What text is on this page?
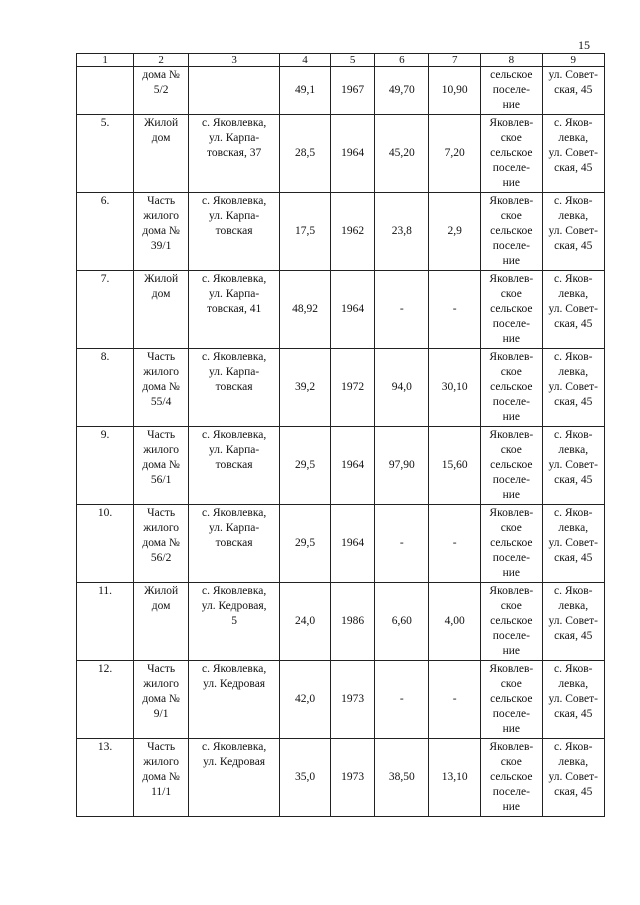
15
1	2	3	4	5	6	7	8	9
	дома №
5/2		49,1	1967	49,70	10,90	сельское
поселе-
ние	ул. Совет-
ская, 45
5.	Жилой
дом	с. Яковлевка,
ул. Карпа-
товская, 37	28,5	1964	45,20	7,20	Яковлев-
ское
сельское
поселе-
ние	с. Яков-
левка,
ул. Совет-
ская, 45
6.	Часть
жилого
дома №
39/1	с. Яковлевка,
ул. Карпа-
товская	17,5	1962	23,8	2,9	Яковлев-
ское
сельское
поселе-
ние	с. Яков-
левка,
ул. Совет-
ская, 45
7.	Жилой
дом	с. Яковлевка,
ул. Карпа-
товская, 41	48,92	1964	-	-	Яковлев-
ское
сельское
поселе-
ние	с. Яков-
левка,
ул. Совет-
ская, 45
8.	Часть
жилого
дома №
55/4	с. Яковлевка,
ул. Карпа-
товская	39,2	1972	94,0	30,10	Яковлев-
ское
сельское
поселе-
ние	с. Яков-
левка,
ул. Совет-
ская, 45
9.	Часть
жилого
дома №
56/1	с. Яковлевка,
ул. Карпа-
товская	29,5	1964	97,90	15,60	Яковлев-
ское
сельское
поселе-
ние	с. Яков-
левка,
ул. Совет-
ская, 45
10.	Часть
жилого
дома №
56/2	с. Яковлевка,
ул. Карпа-
товская	29,5	1964	-	-	Яковлев-
ское
сельское
поселе-
ние	с. Яков-
левка,
ул. Совет-
ская, 45
11.	Жилой
дом	с. Яковлевка,
ул. Кедровая,
5	24,0	1986	6,60	4,00	Яковлев-
ское
сельское
поселе-
ние	с. Яков-
левка,
ул. Совет-
ская, 45
12.	Часть
жилого
дома №
9/1	с. Яковлевка,
ул. Кедровая	42,0	1973	-	-	Яковлев-
ское
сельское
поселе-
ние	с. Яков-
левка,
ул. Совет-
ская, 45
13.	Часть
жилого
дома №
11/1	с. Яковлевка,
ул. Кедровая	35,0	1973	38,50	13,10	Яковлев-
ское
сельское
поселе-
ние	с. Яков-
левка,
ул. Совет-
ская, 45
